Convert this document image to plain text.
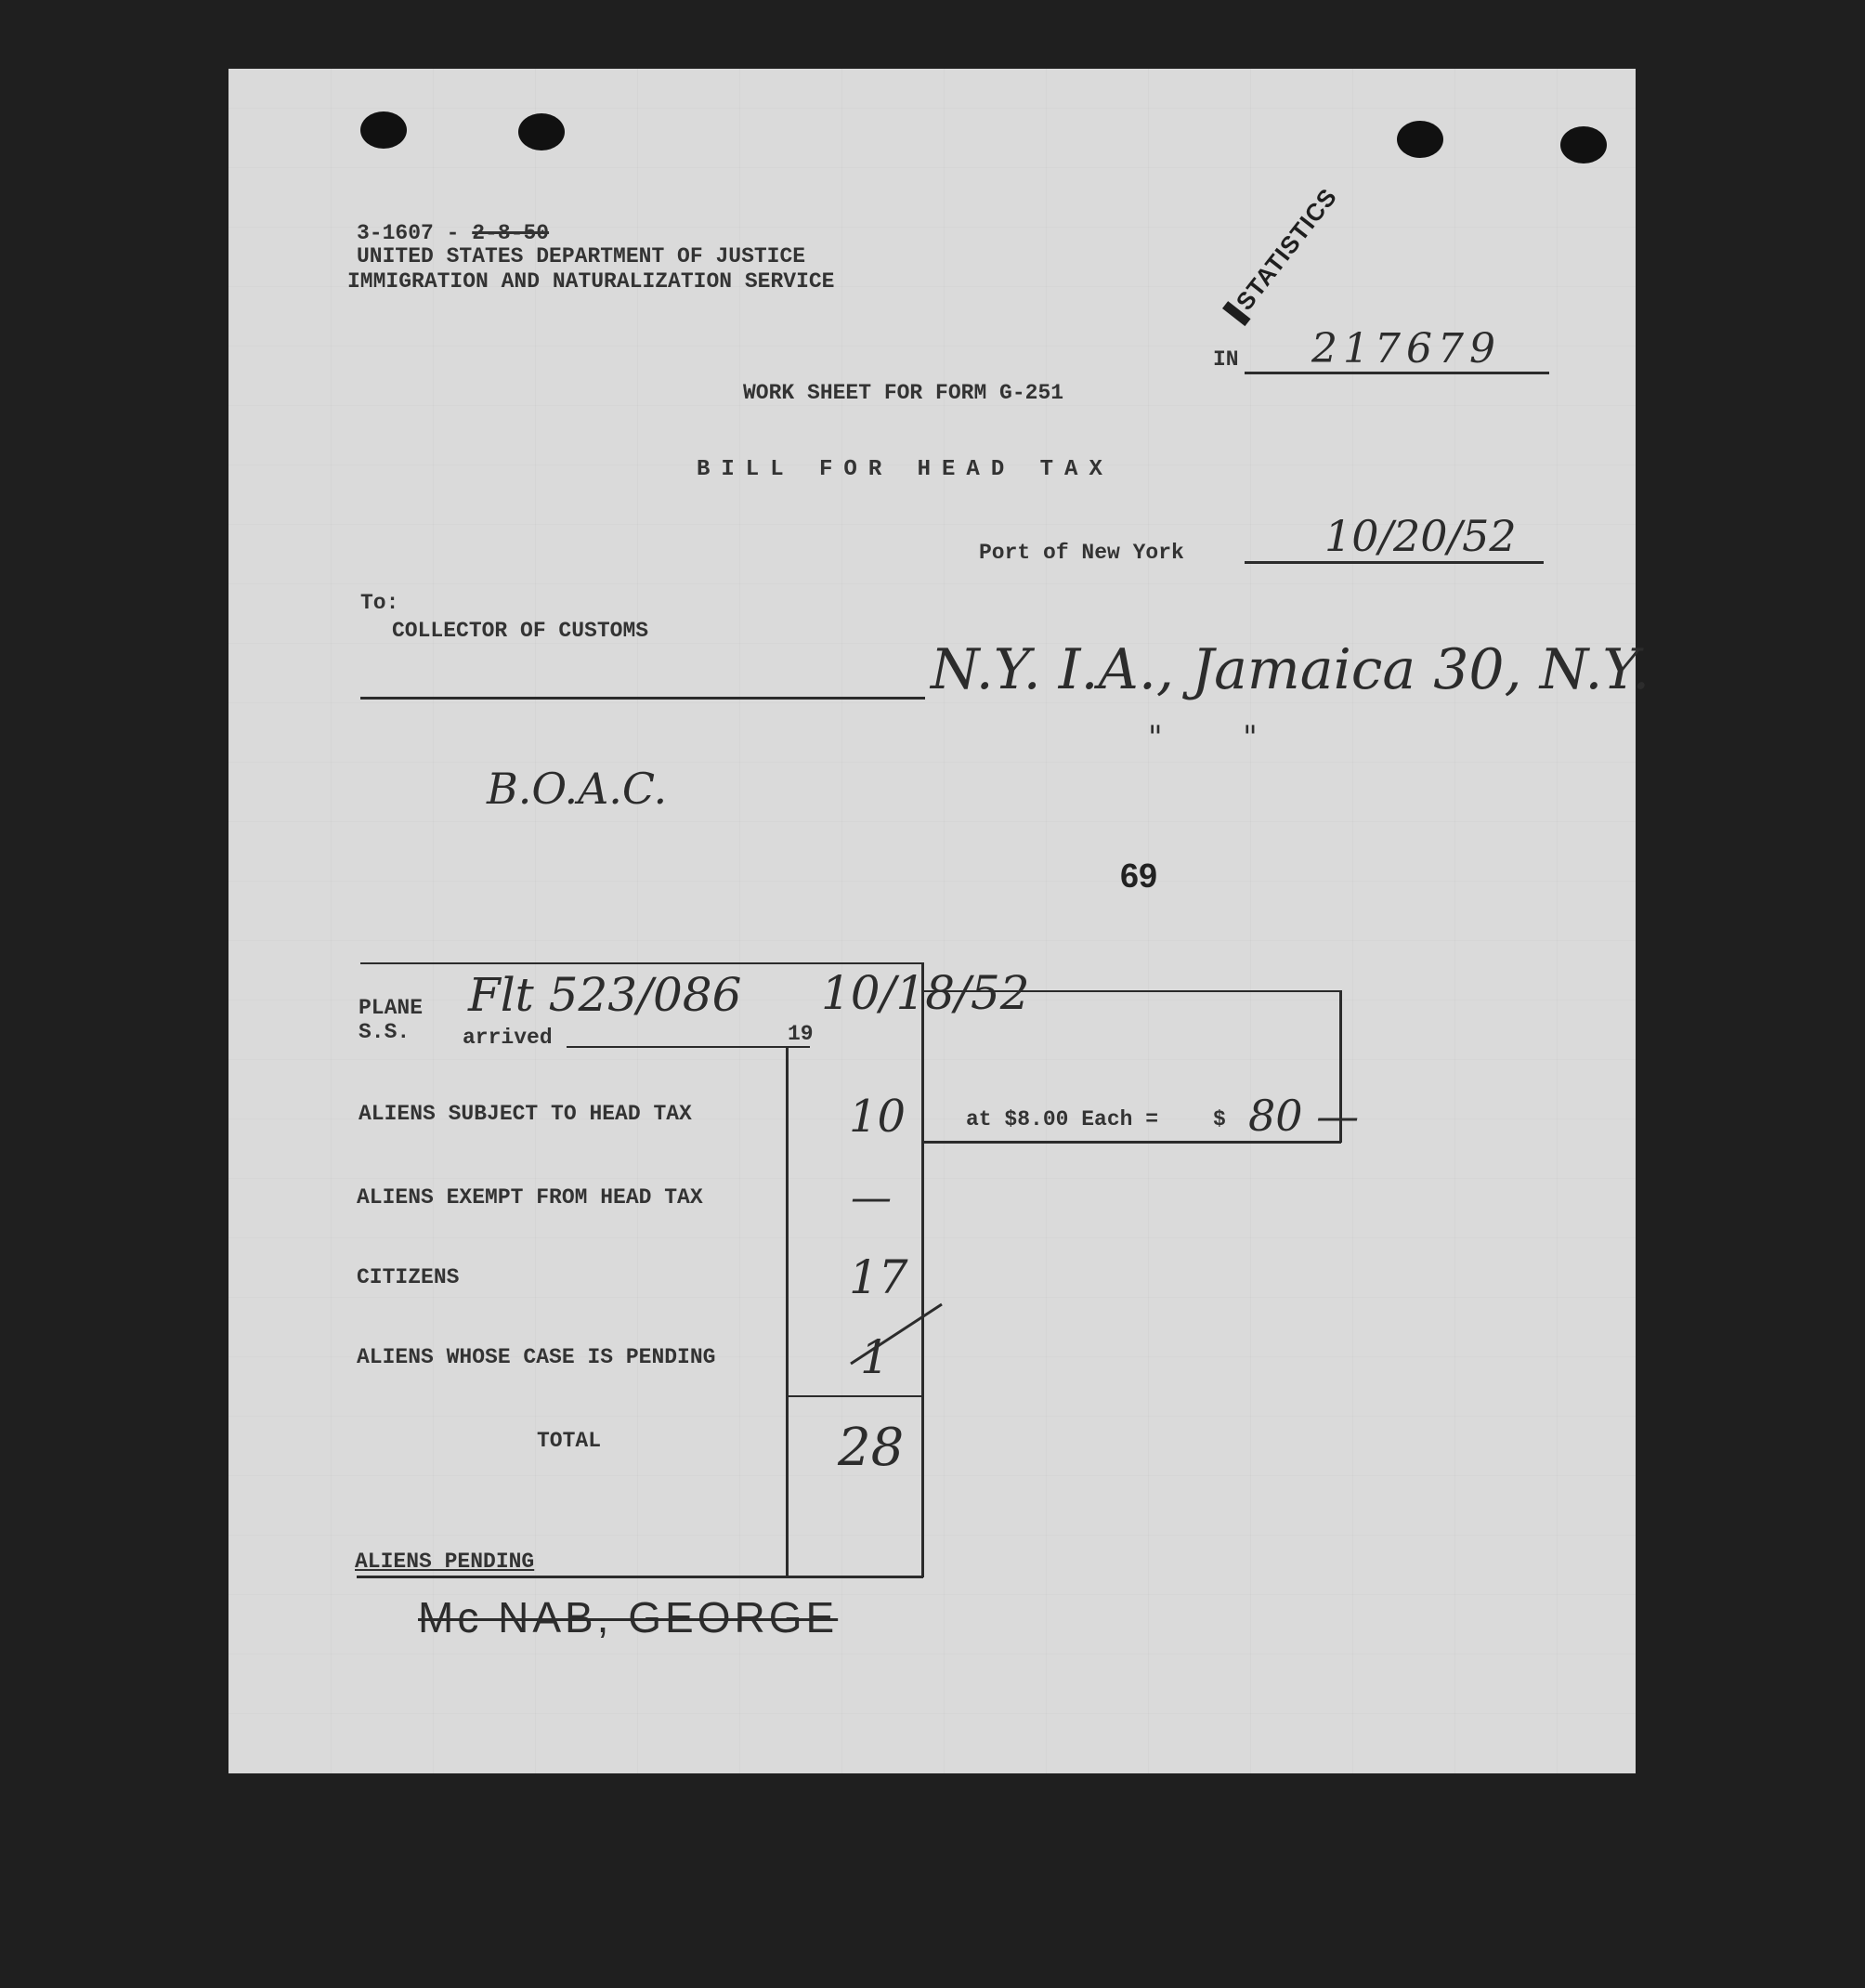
3-1607 - 2-8-50
UNITED STATES DEPARTMENT OF JUSTICE
IMMIGRATION AND NATURALIZATION SERVICE	STATISTICS
IN 217679
WORK SHEET FOR FORM G-251
BILL FOR HEAD TAX
Port of New York	10/20/52
To:
COLLECTOR OF CUSTOMS
N.Y. I.A., Jamaica 30, N.Y.
"        "
B.O.A.C.
69
PLANE
S.S. arrived	19
Flt 523/086 10/18/52
ALIENS SUBJECT TO HEAD TAX	10
ALIENS EXEMPT FROM HEAD TAX	—
CITIZENS	17
ALIENS WHOSE CASE IS PENDING	1
TOTAL	28
at $8.00 Each =	$ 80 —
ALIENS PENDING
Mc NAB, GEORGE
